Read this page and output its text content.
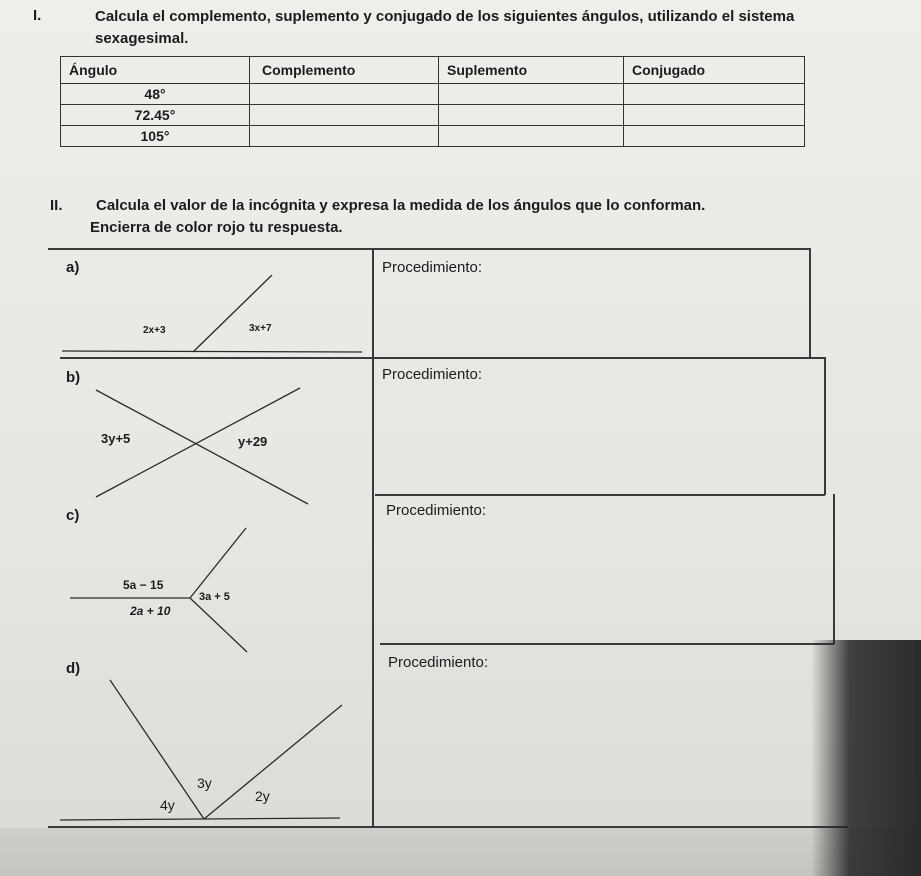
I.	Calcula el complemento, suplemento y conjugado de los siguientes ángulos, utilizando el sistema sexagesimal.
Ángulo	Complemento	Suplemento	Conjugado
48°			
72.45°			
105°			
II.	Calcula el valor de la incógnita y expresa la medida de los ángulos que lo conforman.
Encierra de color rojo tu respuesta.
a)	Procedimiento:
b)	Procedimiento:
c)	Procedimiento:
d)	Procedimiento:
2x+3	3x+7
3y+5	y+29
5a − 15
2a + 10
3a + 5
3y
4y
2y
